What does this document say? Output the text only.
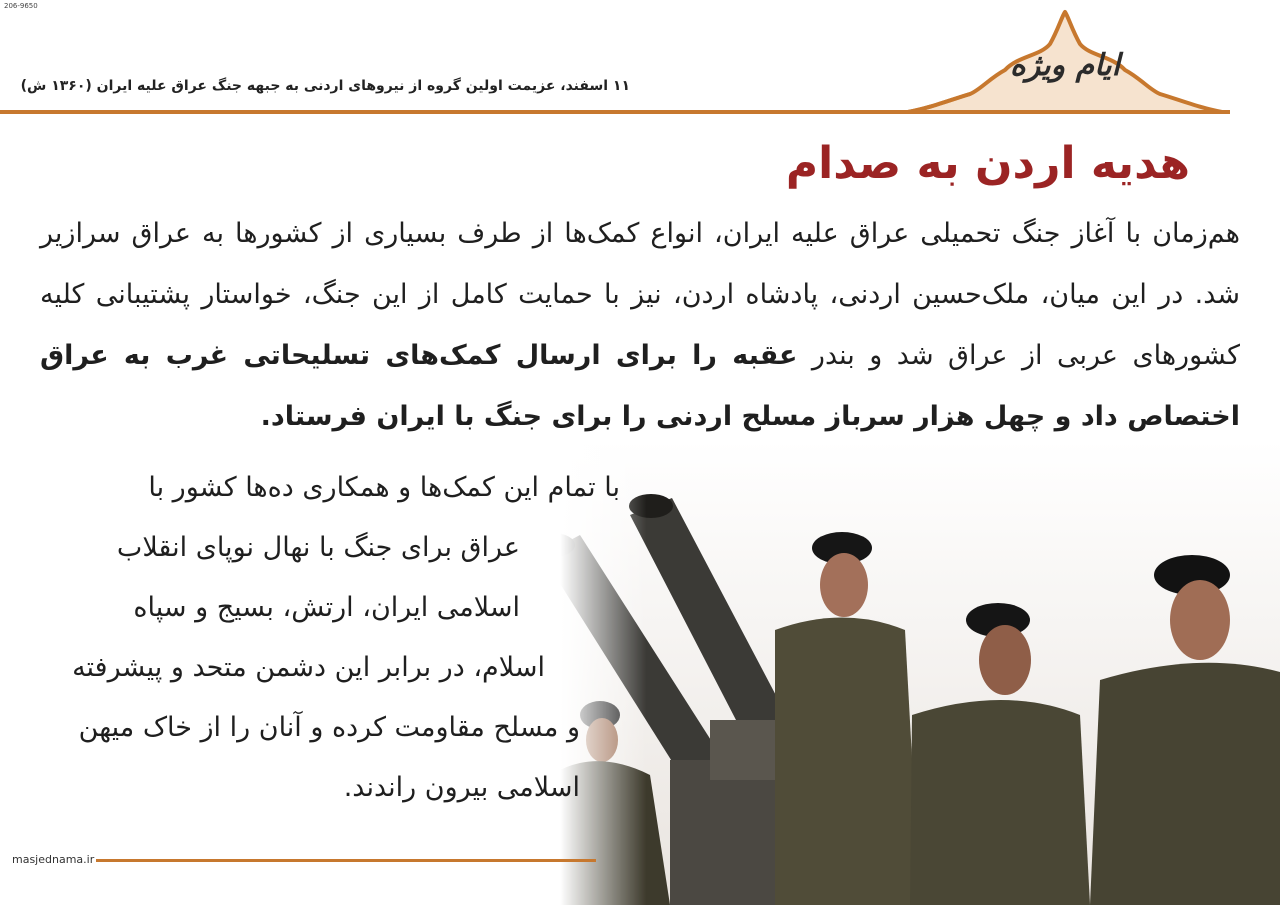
206-9650
۱۱ اسفند، عزیمت اولین گروه از نیروهای اردنی به جبهه جنگ عراق علیه ایران (۱۳۶۰ ش)
ایام ویژه
هدیه اردن به صدام
هم‌زمان با آغاز جنگ تحمیلی عراق علیه ایران، انواع کمک‌ها از طرف بسیاری از کشورها به عراق سرازیر شد. در این میان، ملک‌حسین اردنی، پادشاه اردن، نیز با حمایت کامل از این جنگ، خواستار پشتیبانی کلیه کشورهای عربی از عراق شد و بندر عقبه را برای ارسال کمک‌های تسلیحاتی غرب به عراق اختصاص داد و چهل هزار سرباز مسلح اردنی را برای جنگ با ایران فرستاد.
با تمام این کمک‌ها و همکاری ده‌ها کشور با
عراق برای جنگ با نهال نوپای انقلاب
اسلامی ایران، ارتش، بسیج و سپاه
اسلام، در برابر این دشمن متحد و پیشرفته
و مسلح مقاومت کرده و آنان را از خاک میهن
اسلامی بیرون راندند.
masjednama.ir
